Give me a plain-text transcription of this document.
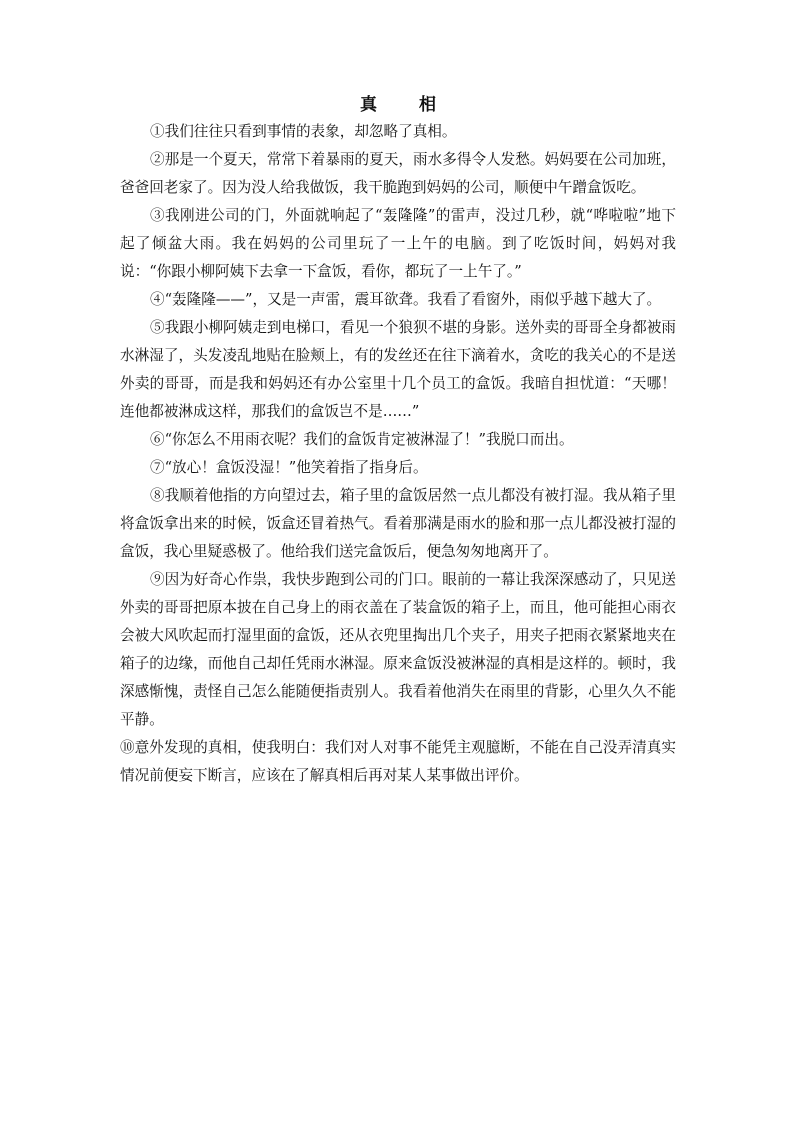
真 相

①我们往往只看到事情的表象，却忽略了真相。

②那是一个夏天，常常下着暴雨的夏天，雨水多得令人发愁。妈妈要在公司加班，爸爸回老家了。因为没人给我做饭，我干脆跑到妈妈的公司，顺便中午蹭盒饭吃。

③我刚进公司的门，外面就响起了“轰隆隆”的雷声，没过几秒，就“哗啦啦”地下起了倾盆大雨。我在妈妈的公司里玩了一上午的电脑。到了吃饭时间，妈妈对我说：“你跟小柳阿姨下去拿一下盒饭，看你，都玩了一上午了。”

④“轰隆隆——”，又是一声雷，震耳欲聋。我看了看窗外，雨似乎越下越大了。

⑤我跟小柳阿姨走到电梯口，看见一个狼狈不堪的身影。送外卖的哥哥全身都被雨水淋湿了，头发凌乱地贴在脸颊上，有的发丝还在往下滴着水，贪吃的我关心的不是送外卖的哥哥，而是我和妈妈还有办公室里十几个员工的盒饭。我暗自担忧道：“天哪！连他都被淋成这样，那我们的盒饭岂不是……”

⑥“你怎么不用雨衣呢？我们的盒饭肯定被淋湿了！”我脱口而出。

⑦“放心！盒饭没湿！”他笑着指了指身后。

⑧我顺着他指的方向望过去，箱子里的盒饭居然一点儿都没有被打湿。我从箱子里将盒饭拿出来的时候，饭盒还冒着热气。看着那满是雨水的脸和那一点儿都没被打湿的盒饭，我心里疑惑极了。他给我们送完盒饭后，便急匆匆地离开了。

⑨因为好奇心作祟，我快步跑到公司的门口。眼前的一幕让我深深感动了，只见送外卖的哥哥把原本披在自己身上的雨衣盖在了装盒饭的箱子上，而且，他可能担心雨衣会被大风吹起而打湿里面的盒饭，还从衣兜里掏出几个夹子，用夹子把雨衣紧紧地夹在箱子的边缘，而他自己却任凭雨水淋湿。原来盒饭没被淋湿的真相是这样的。顿时，我深感惭愧，责怪自己怎么能随便指责别人。我看着他消失在雨里的背影，心里久久不能平静。

⑩意外发现的真相，使我明白：我们对人对事不能凭主观臆断，不能在自己没弄清真实情况前便妄下断言，应该在了解真相后再对某人某事做出评价。
